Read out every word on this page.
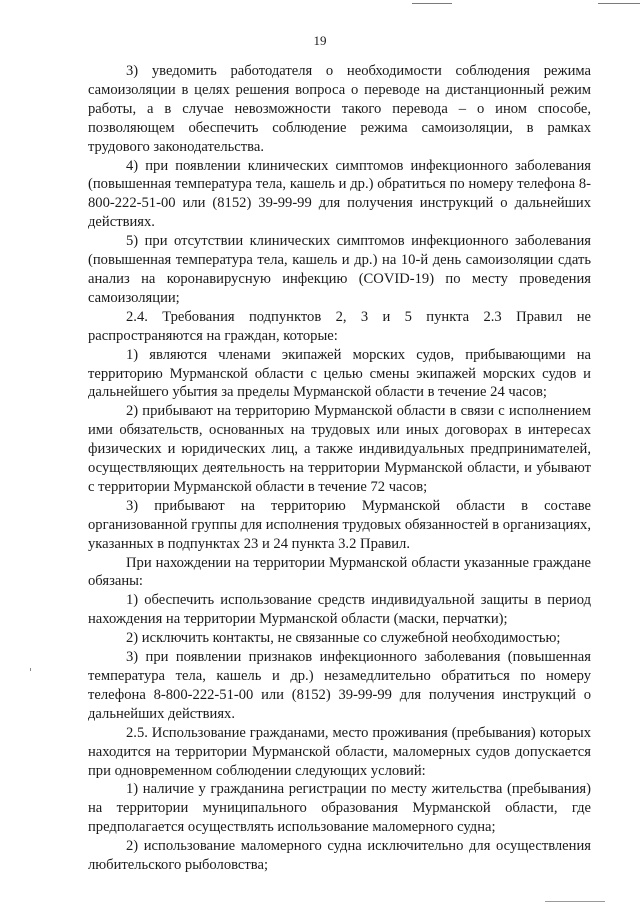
19

3) уведомить работодателя о необходимости соблюдения режима самоизоляции в целях решения вопроса о переводе на дистанционный режим работы, а в случае невозможности такого перевода – о ином способе, позволяющем обеспечить соблюдение режима самоизоляции, в рамках трудового законодательства.

4) при появлении клинических симптомов инфекционного заболевания (повышенная температура тела, кашель и др.) обратиться по номеру телефона 8-800-222-51-00 или (8152) 39-99-99 для получения инструкций о дальнейших действиях.

5) при отсутствии клинических симптомов инфекционного заболевания (повышенная температура тела, кашель и др.) на 10-й день самоизоляции сдать анализ на коронавирусную инфекцию (COVID-19) по месту проведения самоизоляции;

2.4. Требования подпунктов 2, 3 и 5 пункта 2.3 Правил не распространяются на граждан, которые:

1) являются членами экипажей морских судов, прибывающими на территорию Мурманской области с целью смены экипажей морских судов и дальнейшего убытия за пределы Мурманской области в течение 24 часов;

2) прибывают на территорию Мурманской области в связи с исполнением ими обязательств, основанных на трудовых или иных договорах в интересах физических и юридических лиц, а также индивидуальных предпринимателей, осуществляющих деятельность на территории Мурманской области, и убывают с территории Мурманской области в течение 72 часов;

3) прибывают на территорию Мурманской области в составе организованной группы для исполнения трудовых обязанностей в организациях, указанных в подпунктах 23 и 24 пункта 3.2 Правил.

При нахождении на территории Мурманской области указанные граждане обязаны:

1) обеспечить использование средств индивидуальной защиты в период нахождения на территории Мурманской области (маски, перчатки);

2) исключить контакты, не связанные со служебной необходимостью;

3) при появлении признаков инфекционного заболевания (повышенная температура тела, кашель и др.) незамедлительно обратиться по номеру телефона 8-800-222-51-00 или (8152) 39-99-99 для получения инструкций о дальнейших действиях.

2.5. Использование гражданами, место проживания (пребывания) которых находится на территории Мурманской области, маломерных судов допускается при одновременном соблюдении следующих условий:

1) наличие у гражданина регистрации по месту жительства (пребывания) на территории муниципального образования Мурманской области, где предполагается осуществлять использование маломерного судна;

2) использование маломерного судна исключительно для осуществления любительского рыболовства;
